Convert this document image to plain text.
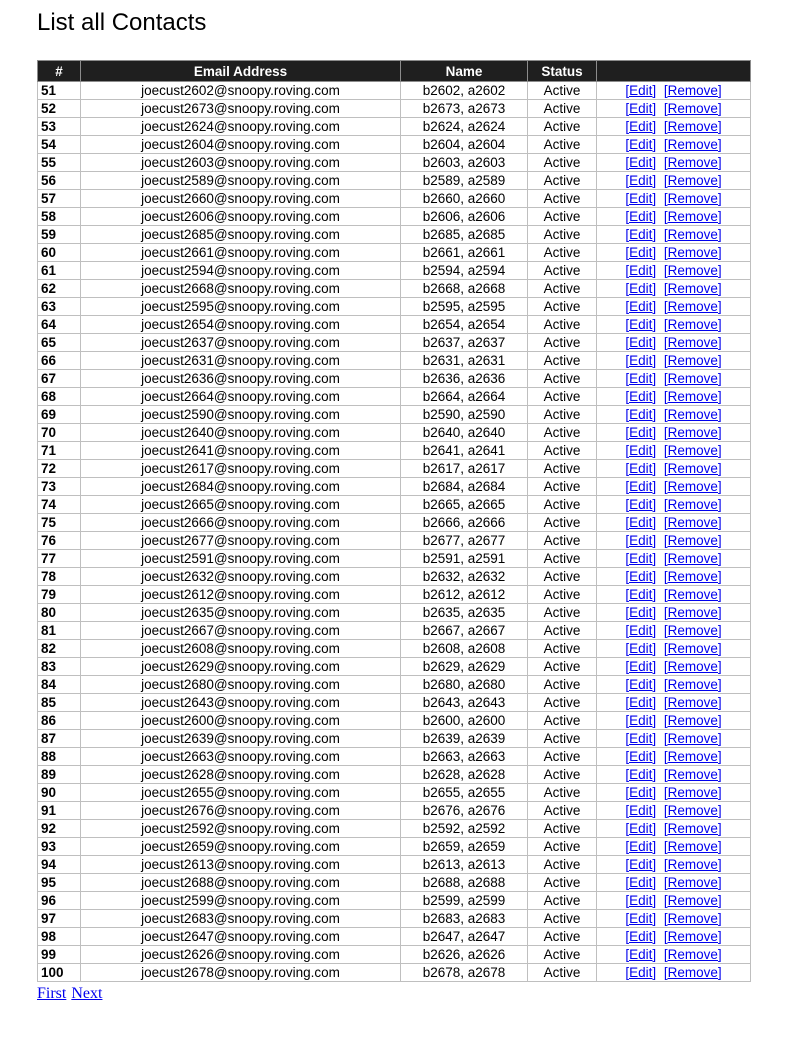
List all Contacts
#	Email Address	Name	Status	
51	joecust2602@snoopy.roving.com	b2602, a2602	Active	[Edit] [Remove]
52	joecust2673@snoopy.roving.com	b2673, a2673	Active	[Edit] [Remove]
53	joecust2624@snoopy.roving.com	b2624, a2624	Active	[Edit] [Remove]
54	joecust2604@snoopy.roving.com	b2604, a2604	Active	[Edit] [Remove]
55	joecust2603@snoopy.roving.com	b2603, a2603	Active	[Edit] [Remove]
56	joecust2589@snoopy.roving.com	b2589, a2589	Active	[Edit] [Remove]
57	joecust2660@snoopy.roving.com	b2660, a2660	Active	[Edit] [Remove]
58	joecust2606@snoopy.roving.com	b2606, a2606	Active	[Edit] [Remove]
59	joecust2685@snoopy.roving.com	b2685, a2685	Active	[Edit] [Remove]
60	joecust2661@snoopy.roving.com	b2661, a2661	Active	[Edit] [Remove]
61	joecust2594@snoopy.roving.com	b2594, a2594	Active	[Edit] [Remove]
62	joecust2668@snoopy.roving.com	b2668, a2668	Active	[Edit] [Remove]
63	joecust2595@snoopy.roving.com	b2595, a2595	Active	[Edit] [Remove]
64	joecust2654@snoopy.roving.com	b2654, a2654	Active	[Edit] [Remove]
65	joecust2637@snoopy.roving.com	b2637, a2637	Active	[Edit] [Remove]
66	joecust2631@snoopy.roving.com	b2631, a2631	Active	[Edit] [Remove]
67	joecust2636@snoopy.roving.com	b2636, a2636	Active	[Edit] [Remove]
68	joecust2664@snoopy.roving.com	b2664, a2664	Active	[Edit] [Remove]
69	joecust2590@snoopy.roving.com	b2590, a2590	Active	[Edit] [Remove]
70	joecust2640@snoopy.roving.com	b2640, a2640	Active	[Edit] [Remove]
71	joecust2641@snoopy.roving.com	b2641, a2641	Active	[Edit] [Remove]
72	joecust2617@snoopy.roving.com	b2617, a2617	Active	[Edit] [Remove]
73	joecust2684@snoopy.roving.com	b2684, a2684	Active	[Edit] [Remove]
74	joecust2665@snoopy.roving.com	b2665, a2665	Active	[Edit] [Remove]
75	joecust2666@snoopy.roving.com	b2666, a2666	Active	[Edit] [Remove]
76	joecust2677@snoopy.roving.com	b2677, a2677	Active	[Edit] [Remove]
77	joecust2591@snoopy.roving.com	b2591, a2591	Active	[Edit] [Remove]
78	joecust2632@snoopy.roving.com	b2632, a2632	Active	[Edit] [Remove]
79	joecust2612@snoopy.roving.com	b2612, a2612	Active	[Edit] [Remove]
80	joecust2635@snoopy.roving.com	b2635, a2635	Active	[Edit] [Remove]
81	joecust2667@snoopy.roving.com	b2667, a2667	Active	[Edit] [Remove]
82	joecust2608@snoopy.roving.com	b2608, a2608	Active	[Edit] [Remove]
83	joecust2629@snoopy.roving.com	b2629, a2629	Active	[Edit] [Remove]
84	joecust2680@snoopy.roving.com	b2680, a2680	Active	[Edit] [Remove]
85	joecust2643@snoopy.roving.com	b2643, a2643	Active	[Edit] [Remove]
86	joecust2600@snoopy.roving.com	b2600, a2600	Active	[Edit] [Remove]
87	joecust2639@snoopy.roving.com	b2639, a2639	Active	[Edit] [Remove]
88	joecust2663@snoopy.roving.com	b2663, a2663	Active	[Edit] [Remove]
89	joecust2628@snoopy.roving.com	b2628, a2628	Active	[Edit] [Remove]
90	joecust2655@snoopy.roving.com	b2655, a2655	Active	[Edit] [Remove]
91	joecust2676@snoopy.roving.com	b2676, a2676	Active	[Edit] [Remove]
92	joecust2592@snoopy.roving.com	b2592, a2592	Active	[Edit] [Remove]
93	joecust2659@snoopy.roving.com	b2659, a2659	Active	[Edit] [Remove]
94	joecust2613@snoopy.roving.com	b2613, a2613	Active	[Edit] [Remove]
95	joecust2688@snoopy.roving.com	b2688, a2688	Active	[Edit] [Remove]
96	joecust2599@snoopy.roving.com	b2599, a2599	Active	[Edit] [Remove]
97	joecust2683@snoopy.roving.com	b2683, a2683	Active	[Edit] [Remove]
98	joecust2647@snoopy.roving.com	b2647, a2647	Active	[Edit] [Remove]
99	joecust2626@snoopy.roving.com	b2626, a2626	Active	[Edit] [Remove]
100	joecust2678@snoopy.roving.com	b2678, a2678	Active	[Edit] [Remove]
First Next
